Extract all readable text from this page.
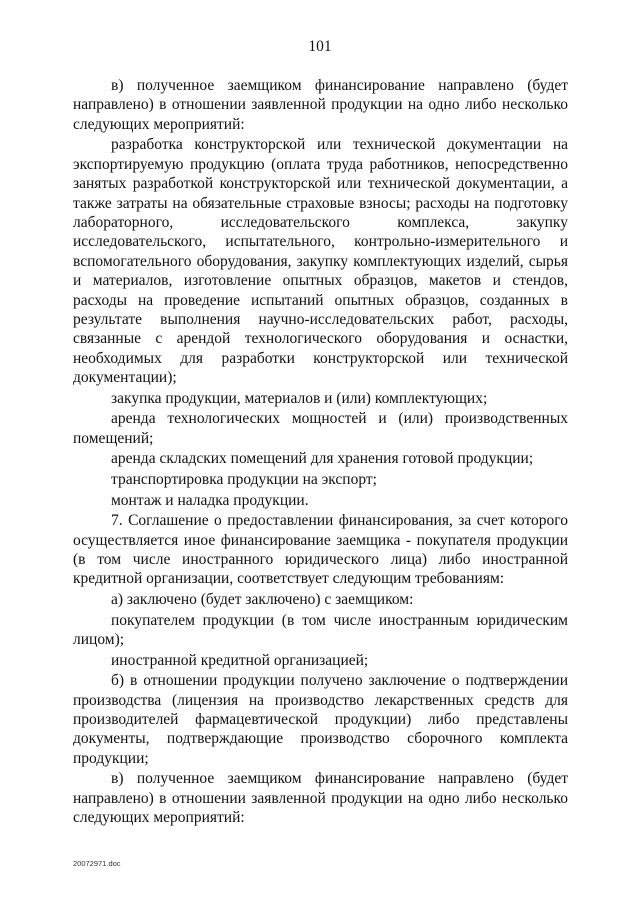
101

в) полученное заемщиком финансирование направлено (будет направлено) в отношении заявленной продукции на одно либо несколько следующих мероприятий:

разработка конструкторской или технической документации на экспортируемую продукцию (оплата труда работников, непосредственно занятых разработкой конструкторской или технической документации, а также затраты на обязательные страховые взносы; расходы на подготовку лабораторного, исследовательского комплекса, закупку исследовательского, испытательного, контрольно-измерительного и вспомогательного оборудования, закупку комплектующих изделий, сырья и материалов, изготовление опытных образцов, макетов и стендов, расходы на проведение испытаний опытных образцов, созданных в результате выполнения научно-исследовательских работ, расходы, связанные с арендой технологического оборудования и оснастки, необходимых для разработки конструкторской или технической документации);

закупка продукции, материалов и (или) комплектующих;

аренда технологических мощностей и (или) производственных помещений;

аренда складских помещений для хранения готовой продукции;

транспортировка продукции на экспорт;

монтаж и наладка продукции.

7. Соглашение о предоставлении финансирования, за счет которого осуществляется иное финансирование заемщика - покупателя продукции (в том числе иностранного юридического лица) либо иностранной кредитной организации, соответствует следующим требованиям:

а) заключено (будет заключено) с заемщиком:

покупателем продукции (в том числе иностранным юридическим лицом);

иностранной кредитной организацией;

б) в отношении продукции получено заключение о подтверждении производства (лицензия на производство лекарственных средств для производителей фармацевтической продукции) либо представлены документы, подтверждающие производство сборочного комплекта продукции;

в) полученное заемщиком финансирование направлено (будет направлено) в отношении заявленной продукции на одно либо несколько следующих мероприятий:

20072971.doc
